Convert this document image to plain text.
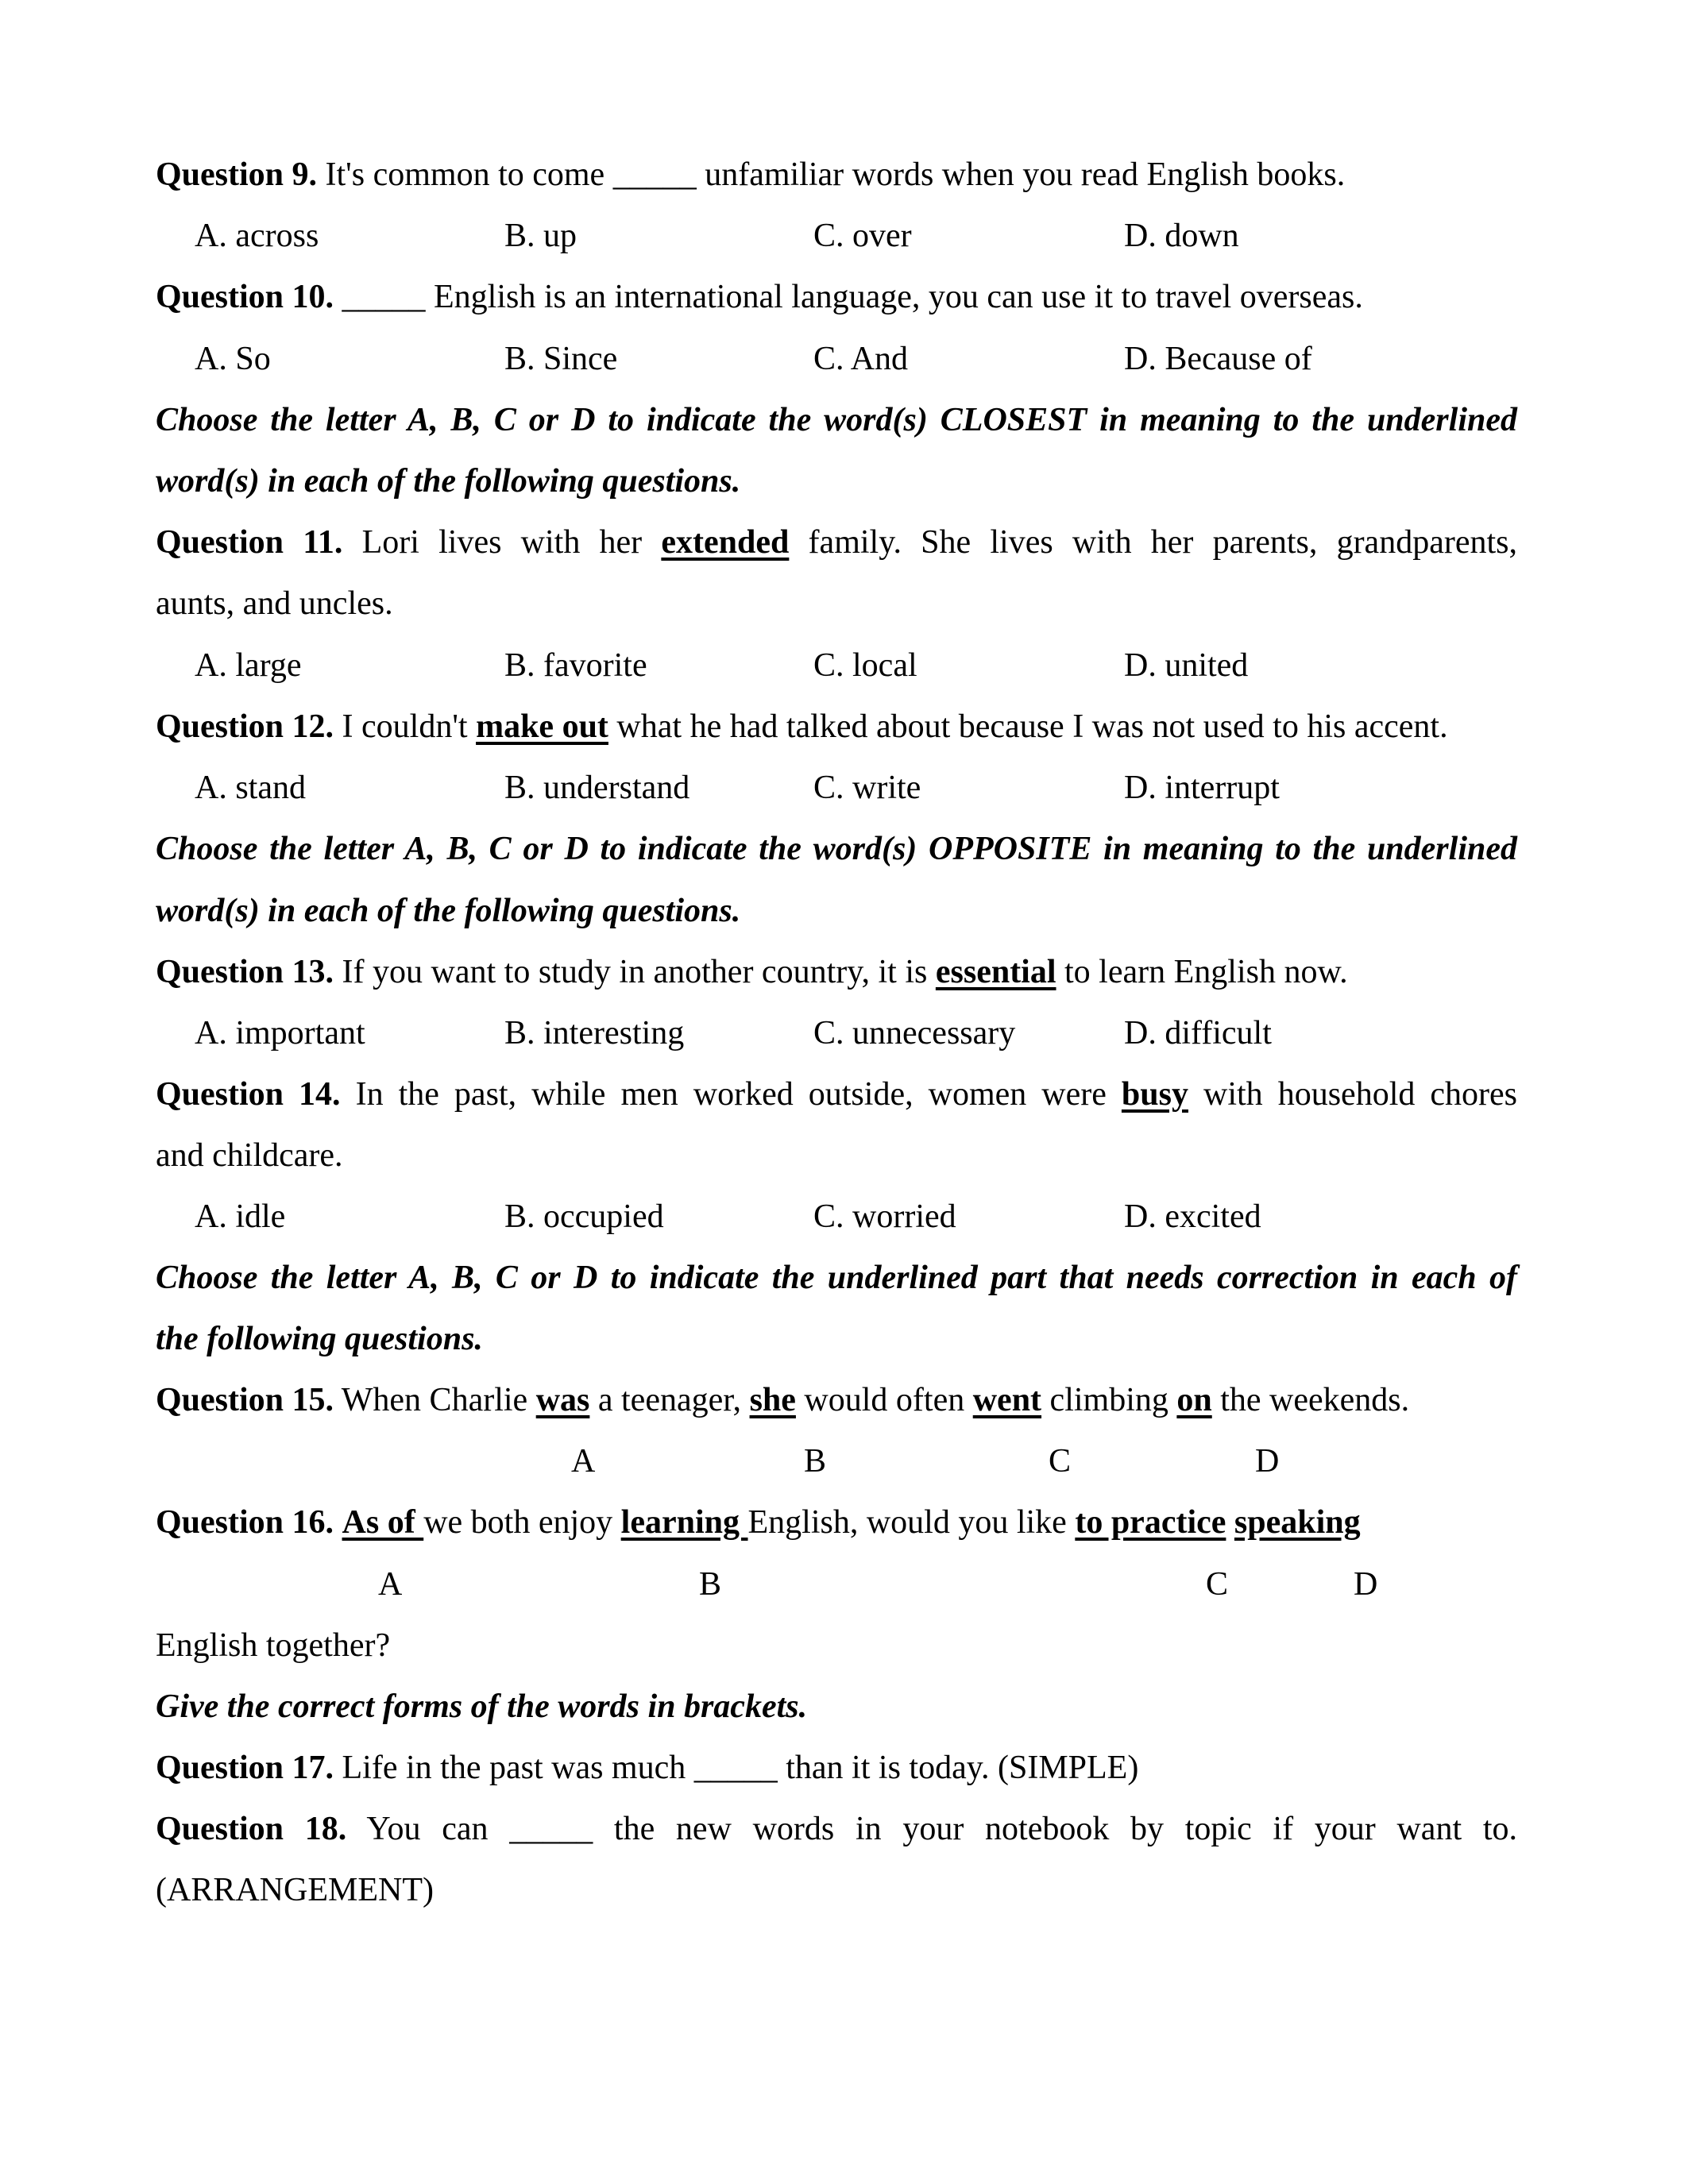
Question 9. It's common to come _____ unfamiliar words when you read English books.
A. across	B. up	C. over	D. down
Question 10. _____ English is an international language, you can use it to travel overseas.
A. So	B. Since	C. And	D. Because of
Choose the letter A, B, C or D to indicate the word(s) CLOSEST in meaning to the underlined
word(s) in each of the following questions.
Question 11. Lori lives with her extended family. She lives with her parents, grandparents,
aunts, and uncles.
A. large	B. favorite	C. local	D. united
Question 12. I couldn't make out what he had talked about because I was not used to his accent.
A. stand	B. understand	C. write	D. interrupt
Choose the letter A, B, C or D to indicate the word(s) OPPOSITE in meaning to the underlined
word(s) in each of the following questions.
Question 13. If you want to study in another country, it is essential to learn English now.
A. important	B. interesting	C. unnecessary	D. difficult
Question 14. In the past, while men worked outside, women were busy with household chores
and childcare.
A. idle	B. occupied	C. worried	D. excited
Choose the letter A, B, C or D to indicate the underlined part that needs correction in each of
the following questions.
Question 15. When Charlie was a teenager, she would often went climbing on the weekends.
A	B	C	D
Question 16. As of we both enjoy learning English, would you like to practice speaking
A	B	C	D
English together?
Give the correct forms of the words in brackets.
Question 17. Life in the past was much _____ than it is today. (SIMPLE)
Question 18. You can _____ the new words in your notebook by topic if your want to.
(ARRANGEMENT)
